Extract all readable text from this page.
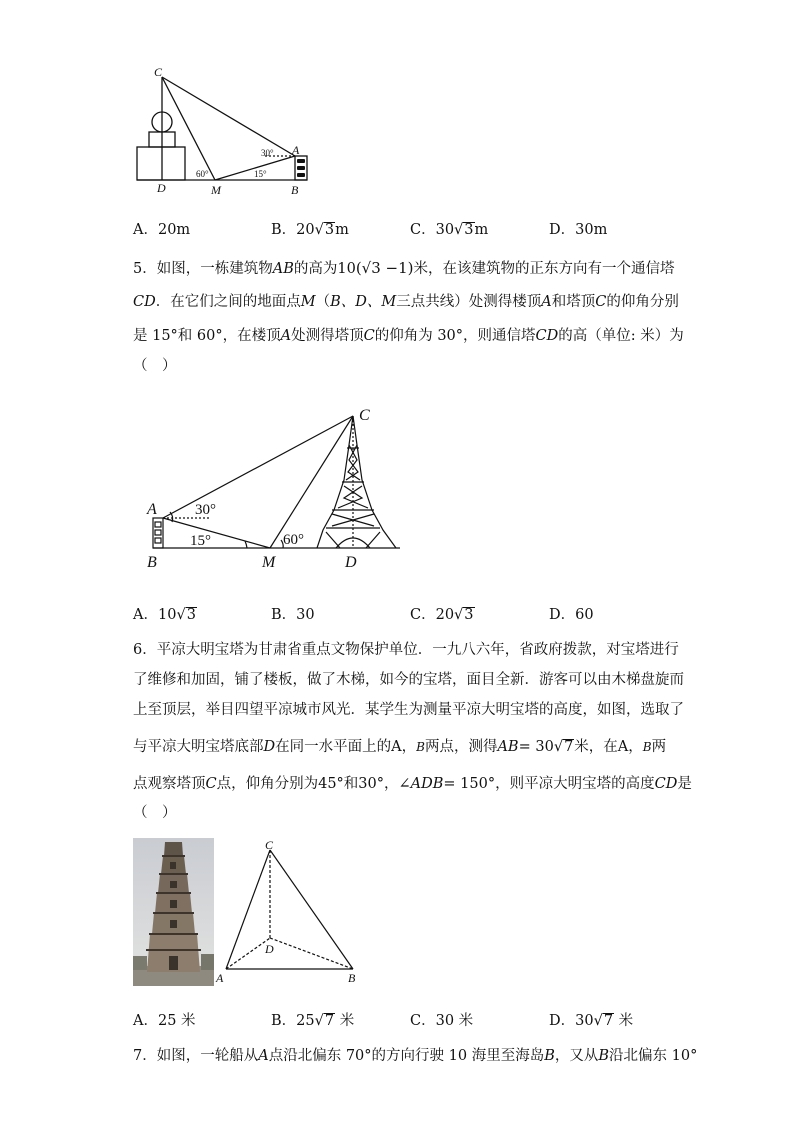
C
A
D	M	B
30°
60°	15°
A．20m	B．20√3m	C．30√3m	D．30m
5．如图，一栋建筑物AB的高为10(√3 −1)米，在该建筑物的正东方向有一个通信塔
CD．在它们之间的地面点M（B、D、M三点共线）处测得楼顶A和塔顶C的仰角分别
是 15°和 60°，在楼顶A处测得塔顶C的仰角为 30°，则通信塔CD的高（单位: 米）为
（　）
C
A
B	M	D
30°
15°	60°
A．10√3	B．30	C．20√3	D．60
6．平凉大明宝塔为甘肃省重点文物保护单位．一九八六年，省政府拨款，对宝塔进行
了维修和加固，铺了楼板，做了木梯，如今的宝塔，面目全新．游客可以由木梯盘旋而
上至顶层，举目四望平凉城市风光．某学生为测量平凉大明宝塔的高度，如图，选取了
与平凉大明宝塔底部D在同一水平面上的A，B两点，测得AB= 30√7米，在A，B两
点观察塔顶C点，仰角分别为45°和30°，∠ADB= 150°，则平凉大明宝塔的高度CD是
（　）
C
D
A	B
A．25 米	B．25√7 米	C．30 米	D．30√7 米
7．如图，一轮船从A点沿北偏东 70°的方向行驶 10 海里至海岛B，又从B沿北偏东 10°
